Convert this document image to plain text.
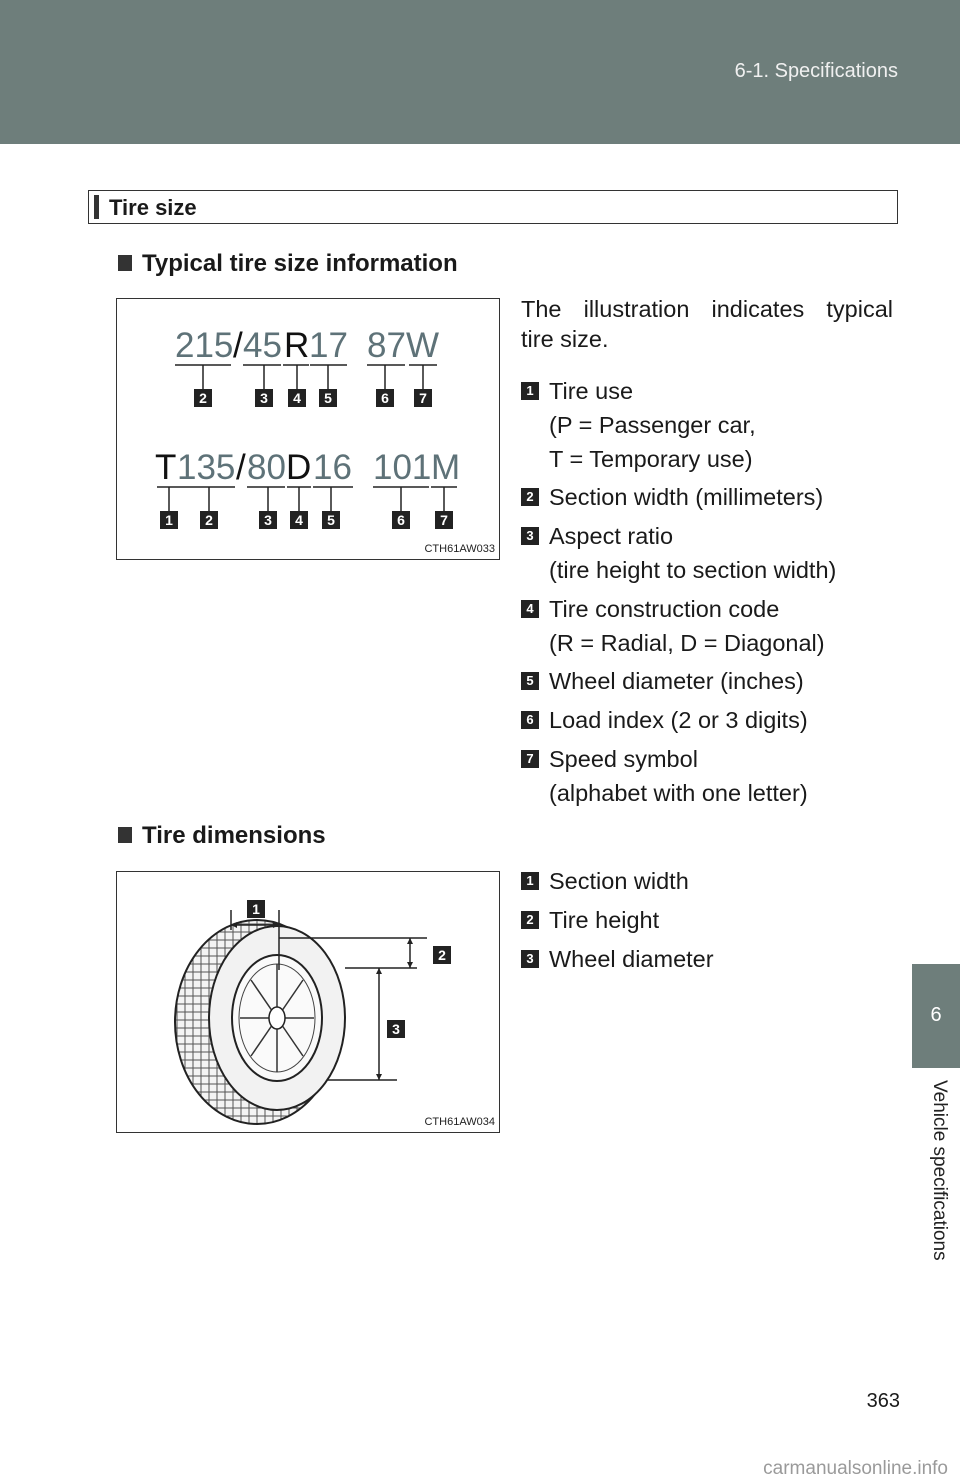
6-1. Specifications
Tire size
Typical tire size information
215 / 45 R 17 87 W
T 135 / 80 D 16 101 M
2	3 4 5	6 7
1 2	3 4 5	6	7
CTH61AW033
The illustration indicates typical
tire size.
1 Tire use
(P = Passenger car,
T = Temporary use)
2 Section width (millimeters)
3 Aspect ratio
(tire height to section width)
4 Tire construction code
(R = Radial, D = Diagonal)
5 Wheel diameter (inches)
6 Load index (2 or 3 digits)
7 Speed symbol
(alphabet with one letter)
Tire dimensions
1
2
3
CTH61AW034
1 Section width
2 Tire height
3 Wheel diameter
6
Vehicle specifications
363
carmanualsonline.info
